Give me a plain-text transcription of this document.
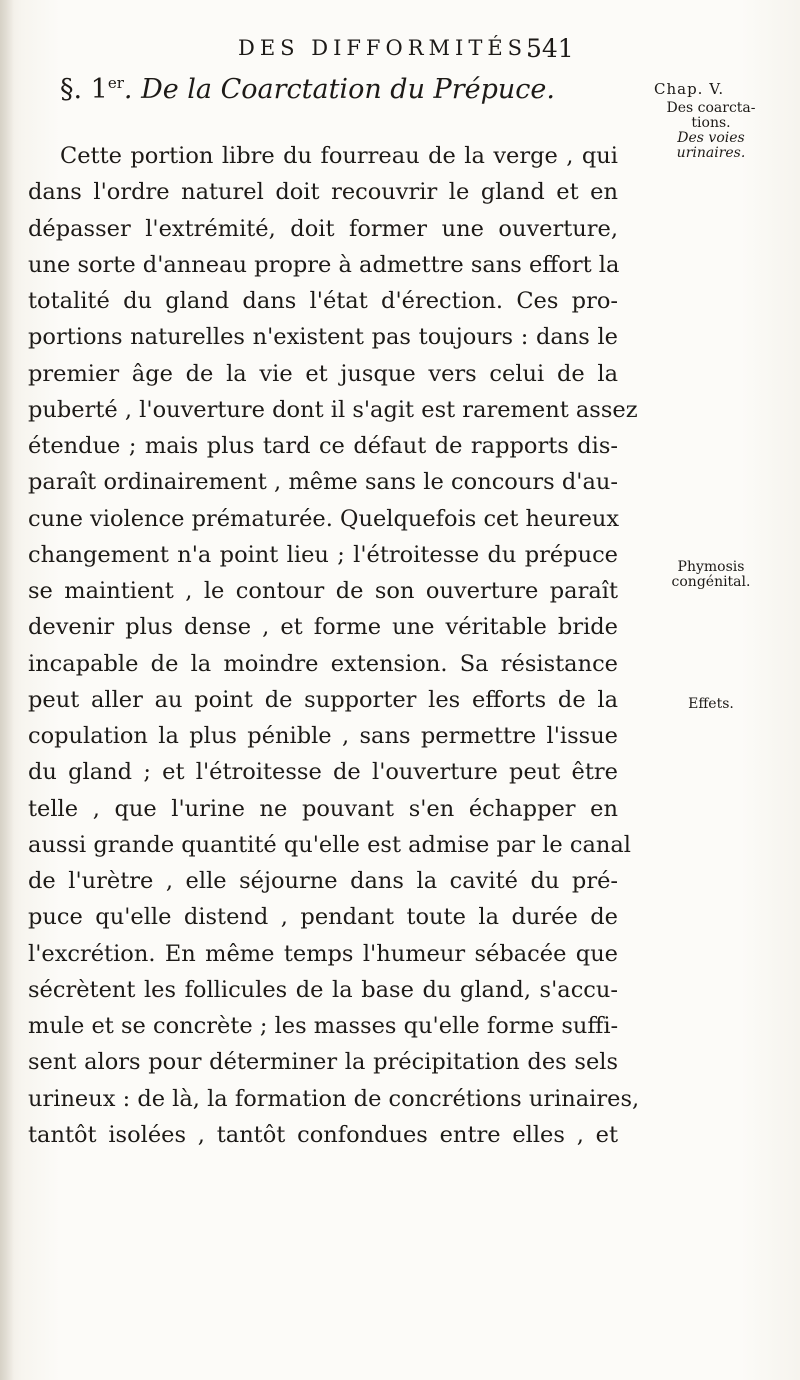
DES DIFFORMITÉS.
541
Chap. V.
Des coarcta-
tions.
Des voies
urinaires.
§. 1er. De la Coarctation du Prépuce.
Cette portion libre du fourreau de la verge , qui
dans l'ordre naturel doit recouvrir le gland et en
dépasser l'extrémité, doit former une ouverture,
une sorte d'anneau propre à admettre sans effort la
totalité du gland dans l'état d'érection. Ces pro-
portions naturelles n'existent pas toujours : dans le
premier âge de la vie et jusque vers celui de la
puberté , l'ouverture dont il s'agit est rarement assez
étendue ; mais plus tard ce défaut de rapports dis-
paraît ordinairement , même sans le concours d'au-
cune violence prématurée. Quelquefois cet heureux
changement n'a point lieu ; l'étroitesse du prépuce
se maintient , le contour de son ouverture paraît
devenir plus dense , et forme une véritable bride
incapable de la moindre extension. Sa résistance
peut aller au point de supporter les efforts de la
copulation la plus pénible , sans permettre l'issue
du gland ; et l'étroitesse de l'ouverture peut être
telle , que l'urine ne pouvant s'en échapper en
aussi grande quantité qu'elle est admise par le canal
de l'urètre , elle séjourne dans la cavité du pré-
puce qu'elle distend , pendant toute la durée de
l'excrétion. En même temps l'humeur sébacée que
sécrètent les follicules de la base du gland, s'accu-
mule et se concrète ; les masses qu'elle forme suffi-
sent alors pour déterminer la précipitation des sels
urineux : de là, la formation de concrétions urinaires,
tantôt isolées , tantôt confondues entre elles , et
Phymosis
congénital.
Effets.
